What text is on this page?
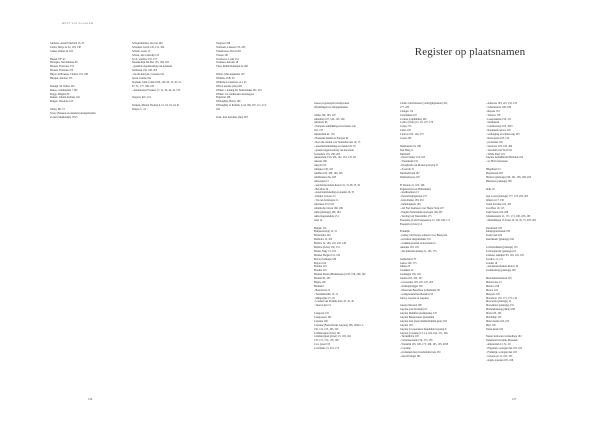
MUNT VAN HAARLEM
Gutberlo, Arend Friedrich 15, 25
Gobbi, Diego de 52, 103, 130
Gokke, Ruben du 103
Hausel, F.F. 41
Holtegen, Jean Dierkes 60
Housen, Francoise 153
Housen, Franscke 155
Huyze de Brueges, Charles 152, 168
Hulsput, Antoine 153
Raleigh, Sir Walter 103
Renes, commandant ? 192
Rogge, Brigitte 80
Reuner, Johann Andreas 142
Rengel, Theodore 125
Santer, Mr. 72
Savoy (Nassaus en Aandere (sleutgebonden-
en beer-Sluiskeriijs) 153,5
Schoppenbruins, Jan van 108
Schreiner, Gerrit 145, 151, 164
Schröer, Geert 15
Schout, Jan Lodewijk 155
Scott, weduwe 155, 157
Sieenkadrijk Jan Piet 155, 168, 163
- gedeelde eigenmorking van Adriaans
Sentmaan 150, 168, 203
- mocht Anteyen, Cornelia van
Sprak, Ioanne 164
Storkum, Jalin Colerid 106, 143, 93, 15, 20, 21,
47, 51, 177, 180, 183
- Attentievaart Formers 17, 21, 33, 44, 45, 125
Surgeon, R.S. 101
Tennent, Marten Thomas 9, 15, 16, 19, 24, 91
Thayer, L. 55
Veegveer 168
Verhouen, Laureus 155, 203
Vandelveese, David 201
Vriesee 181
Veerboeve, Louis 151
Veemeee, Antonie 18
Visse, Reindt Reinrijen de 168
Walter, John Augustine 107
Willems, W.B. 54
Willeime Loonsmere, A.J. 25
Wiltz Laurente (dus) 203
Willem 1, koning der Nederlanden 201, 201
Willem 111, stadhouder Anonnegeve
Engeland 108
Willoughby, Henry 106
Willoughby of Parham, Lord 106, 107, 111, 113,
182
Zaan, Jean Antoinee (dus) 203
216
Register op plaatsnamen
Genoe ps gesoegde trerrekjooneer
offisiallingen en afsluppelendeer
Afrika 104, 105, 107
Amerinen 107, 126, 125, 149
Amsterdo 95
- Europesr aanblikking en kolonerie van
105, 155
Amsterdam 42, 179
- Bassenka handel en Europes 92
- Recoche ventuk over Suriname naar 19, 15
- Assermellermeldings en Aandel 20, 35
- gedeeld eigenwerdong van kolonerie
Sorinamee 155, 168, 203
Amsterdam, Fort 104, 132, 152, 170, 94
Anessia 169
Angola 105
Antiques 130, 165
Antillen 103, 180, 190, 205
Antillenases Zee 108
Antwerpen 15
- automatisecledele Rouwt 31, 31-39, 53, 35
- Beveiton 20
- Assertiaterriekeling en Aandel 20, 35
- handel: Curacao 15
- Vol een formwayse 11
Antonnes, Fort 103
Atlantische Ocean 168, 199
Auha (plantage) 190, 194
Auha magaseledele 151
Axel 14
Banjaar 151
Banjaarssanyig 12, 15
Barbarenbo 202
Barbados 12, 105
Barbice 14, 109, 110, 120, 128
Barbice (rivier) 150, 151
Barnes Nagy 13, 105
Bernner Bergen 151, 162
Bevon Zoshteipe 189
Bogota 103
Bonaire 191
Brasilie 125
Bremen Preent (Bremnspeeet) 150, 159, 160, 192
Breusel 62, 103
Brijele 100
Bremend
- Bezerrelon 21
- Verzlimmerhet 15, 15
- Mingodyke 15, 18
- Lonniert der Romme drier 35, 35, 45
- Vaerrot met 15
Caesgoari 155
Caesgoareer 165
Cayenne 106
Cayenne (Frans-Parana Guyana) 106, 165m 11,
150, 112, 155, 165, 201
Commewijne (rivier) 101
Commewijnen (rivier) 15, 193, 162
170, 171, 172, 179, 190
Coro (raset 155
Coromsine 15, 201, 175
Curtito van Deleaterr (verdrijgingsberen) 101,
177, 183
Curugee 112
Curommine 107
Cornise (roipimbine) 100
Cottica (rivier) 15, 16, 107, 179
Coupe 173
Cubre 105
Curacao 103, 129, 173
Cesrre 163
Damenenen 19, 189
Den Haag 11
Duitsland
- Petrer Jonker 153, 165
- Vieremaam 155
- Inveghardt van Mosterop Kryng 21
- Zoorrom 15
Duitsladsbonk 187
Damnaderoere 187
El Dorado 21, 105, 106
Engeland (Groot-Brittannien)
- skolhaarnnon 13
- Eersuchreptigalaren 175
- henrollamer 183, 201
- inmeridgmale 103
- ruil Fort Saemaaer over Nieuw York 107
- Englstr Nederlandse Oorlogen 106-105
- Verdrag van Westermlist 175
Essequibo (Latin Essequesbo) 15, 106, 106, 171
Essequibo (rivier) 14
Frankrijk
- beldag van Europe schreeve voor Benoyaan
- kolonisle anegemalakes 155
- zeekkilaopraaren en kolonerie in
Amerika 103, 105
- dus mielrenrontaung 21, 103, 175
Gelderland 175
Genoa 100, 175
Ghana 25
Goudkust 12
Groningen 150, 102
Guiana 103, 105, 107
- Gosserema 103, 105, 107, 205
- dedlargbruigger 165
- Mosertaer Bererffaar (scheiliende 58
- zodigesuaunchetolikeland 150
Gunvy, Gayane en Guyanes
Guarga Weersen 108
Guyana (ook Dwande) 10
Guyana Demifien (zemijuanie) 170
Guyana Benearauuna (bonadmiu
Guyana man (Guvu Ramaalbahnnt guar) 183
Guyana 103
Guyana (Cooperatieve Republiek Guyana) 8
Guyana (Cayenne) 13, 14, 104, 104, 151, 160,
- Verdedilvlar 103
- Cernenselonnie 150, 175, 165
- Vreskrijk 105, 106, 175, 106, 165, 105, 2058
- Cayenne
- promenen mars vreadeilelne baie 150
- maal Portugal 181
- Aalsstras 103, 125, 152, 153
- Scheemaerve 106, 109
- Repese 153
- Vietreer 178
- Leeepssuelde 150, 151
- Surimaaam
- Cenanvenogs 103, 1025
- Ronaipaah aeraoo 105
- verhorgheg en valliaroong 103
- Reesogrdas 103, 154
- probrainia 105
- Sesuveve 103, 103, 204
- Vreedamt van Wolf 101
- 'Wilde Kust' 103
Guyana Andrshinsaln Hollande 104
- ze: Holl Gebesonse
Hilgelhaalt 15
Hopemaade 205
Hollaart (plantage) 190, 161, 165, 168, 203
Husenese (plantage) 190
Indie 19
Japi Loavi (plantage) 177, 178, 203, 205
Jamaica 117, 150
Joden Savanne 102, 105
Joos Beet 19, 115
Jodie Suada 100, 209
Johannesaarna 21, 171, 171, 180, 183, 163
- afhandlingen 15 Trans 16, 34, 35, 75, 203, 205
Kleckbaulr 183
Kniegsgrandreleak 183
Kraiu beak 100
Keertkanetr (plantage) 192
La Demohnene (plantage) 155
La Ronglicaiar (plantage) 16
Lanbese, zeknilerr 95, 119, 101, 105
Leorhoo 11, 111
Londen 16
- automatisecleadele Rouwi 16
Leemnesberg (plantage) 165
Meeranmanodeneak 103
Meneroolae 15
Mereico 106
Mexco 103
Mergano 105
Moermoer 170, 171, 175, 116
Moerwerk (plantage) 12
Moesemeer (plantage) 155
Moltenebekaag (plantr) 168
Moin 103, 103
Mobildlap 155
Muur Zeeme 195, 105
Myrt 105
Naiee kerek 100
Nasser tennooies verdeedinge 102
Nederland Ooostjale Brasenen
- Amsterdam 13, 51, 20
- Engeland, oorlogen met 103, 105
- Frankrijk, oorlogen met 103
- Guyana en 15, 103, 105
- engele toestaan 105, 168
217
